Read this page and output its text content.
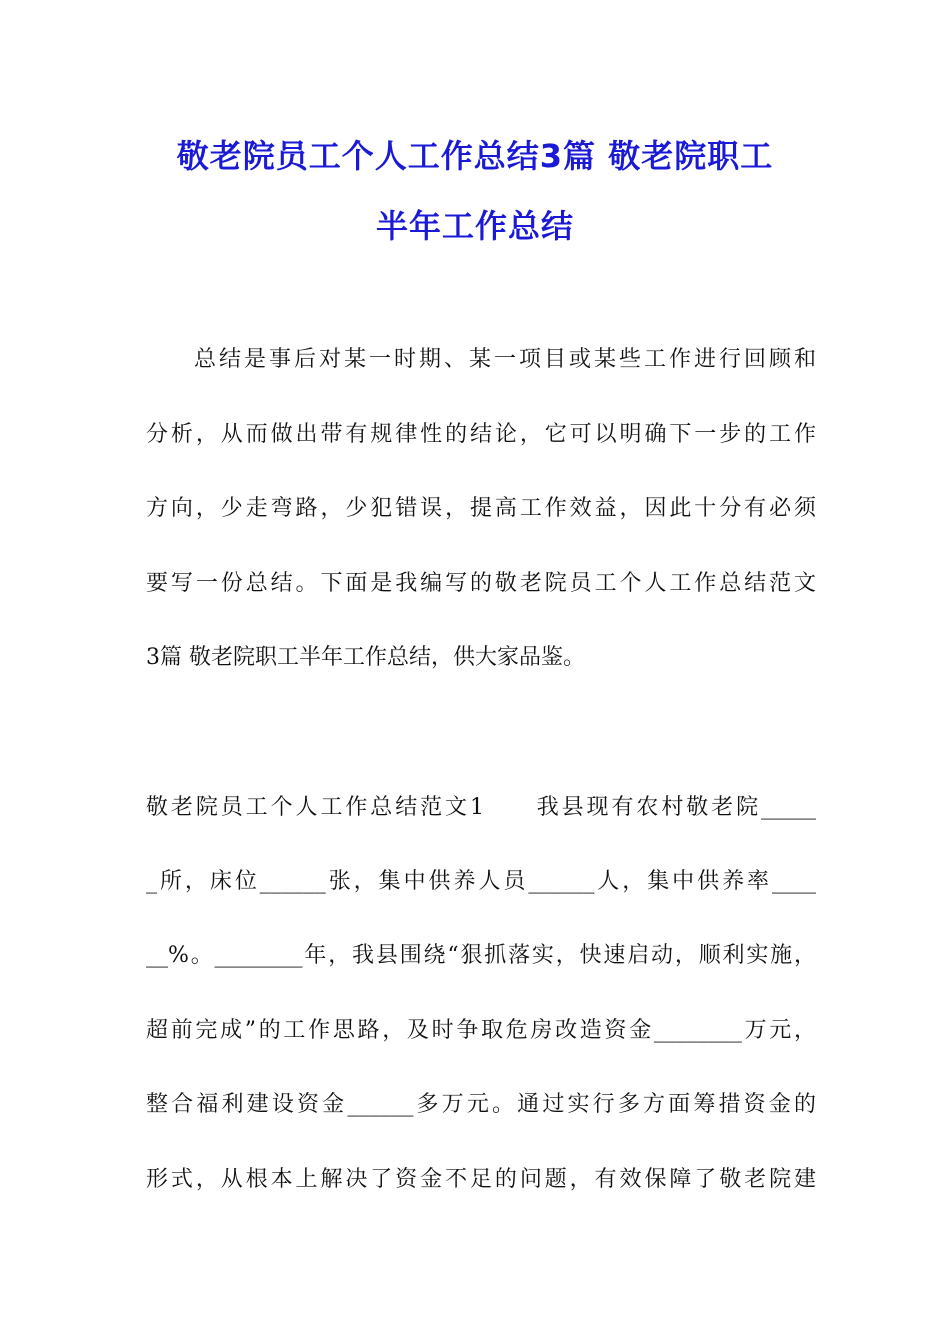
敬老院员工个人工作总结3篇 敬老院职工
半年工作总结
总结是事后对某一时期、某一项目或某些工作进行回顾和
分析，从而做出带有规律性的结论，它可以明确下一步的工作
方向，少走弯路，少犯错误，提高工作效益，因此十分有必须
要写一份总结。下面是我编写的敬老院员工个人工作总结范文
3篇 敬老院职工半年工作总结，供大家品鉴。
敬老院员工个人工作总结范文1　　我县现有农村敬老院_____
_所，床位______张，集中供养人员______人，集中供养率____
__%。________年，我县围绕“狠抓落实，快速启动，顺利实施，
超前完成”的工作思路，及时争取危房改造资金________万元，
整合福利建设资金______多万元。通过实行多方面筹措资金的
形式，从根本上解决了资金不足的问题，有效保障了敬老院建
